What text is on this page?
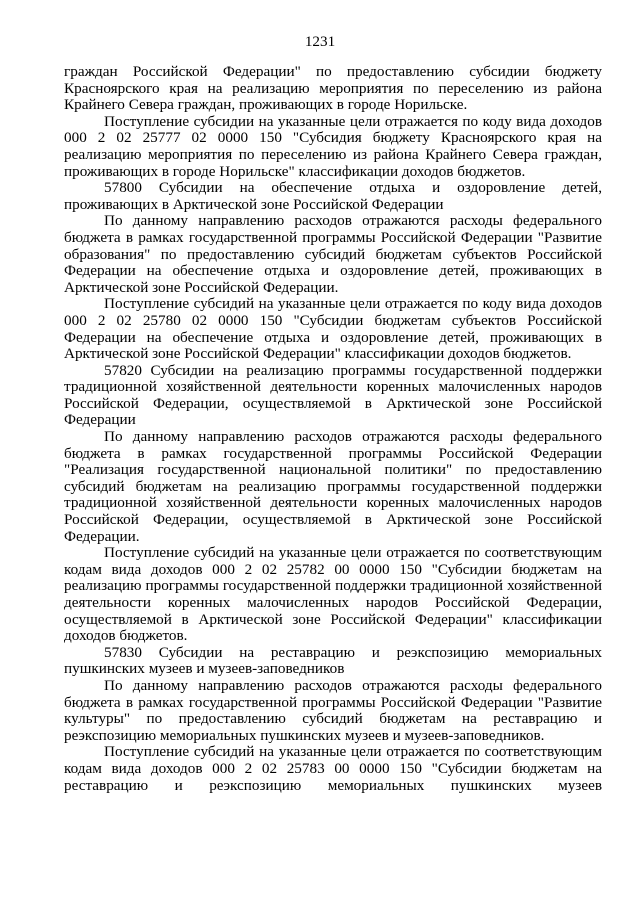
1231

граждан Российской Федерации" по предоставлению субсидии бюджету Красноярского края на реализацию мероприятия по переселению из района Крайнего Севера граждан, проживающих в городе Норильске.

Поступление субсидии на указанные цели отражается по коду вида доходов 000 2 02 25777 02 0000 150 "Субсидия бюджету Красноярского края на реализацию мероприятия по переселению из района Крайнего Севера граждан, проживающих в городе Норильске" классификации доходов бюджетов.

57800 Субсидии на обеспечение отдыха и оздоровление детей, проживающих в Арктической зоне Российской Федерации

По данному направлению расходов отражаются расходы федерального бюджета в рамках государственной программы Российской Федерации "Развитие образования" по предоставлению субсидий бюджетам субъектов Российской Федерации на обеспечение отдыха и оздоровление детей, проживающих в Арктической зоне Российской Федерации.

Поступление субсидий на указанные цели отражается по коду вида доходов 000 2 02 25780 02 0000 150 "Субсидии бюджетам субъектов Российской Федерации на обеспечение отдыха и оздоровление детей, проживающих в Арктической зоне Российской Федерации" классификации доходов бюджетов.

57820 Субсидии на реализацию программы государственной поддержки традиционной хозяйственной деятельности коренных малочисленных народов Российской Федерации, осуществляемой в Арктической зоне Российской Федерации

По данному направлению расходов отражаются расходы федерального бюджета в рамках государственной программы Российской Федерации "Реализация государственной национальной политики" по предоставлению субсидий бюджетам на реализацию программы государственной поддержки традиционной хозяйственной деятельности коренных малочисленных народов Российской Федерации, осуществляемой в Арктической зоне Российской Федерации.

Поступление субсидий на указанные цели отражается по соответствующим кодам вида доходов 000 2 02 25782 00 0000 150 "Субсидии бюджетам на реализацию программы государственной поддержки традиционной хозяйственной деятельности коренных малочисленных народов Российской Федерации, осуществляемой в Арктической зоне Российской Федерации" классификации доходов бюджетов.

57830 Субсидии на реставрацию и реэкспозицию мемориальных пушкинских музеев и музеев-заповедников

По данному направлению расходов отражаются расходы федерального бюджета в рамках государственной программы Российской Федерации "Развитие культуры" по предоставлению субсидий бюджетам на реставрацию и реэкспозицию мемориальных пушкинских музеев и музеев-заповедников.

Поступление субсидий на указанные цели отражается по соответствующим кодам вида доходов 000 2 02 25783 00 0000 150 "Субсидии бюджетам на реставрацию и реэкспозицию мемориальных пушкинских музеев
